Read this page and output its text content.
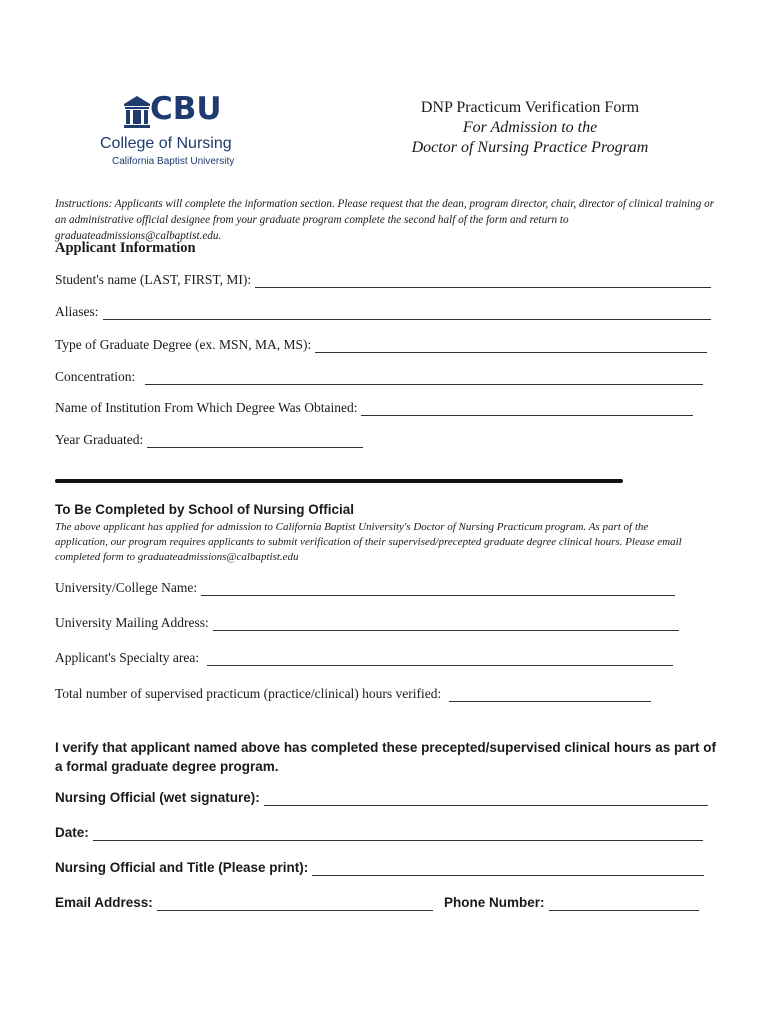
CBU
College of Nursing
California Baptist University
DNP Practicum Verification Form
For Admission to the
Doctor of Nursing Practice Program
Instructions: Applicants will complete the information section. Please request that the dean, program director, chair, director of clinical training or an administrative official designee from your graduate program complete the second half of the form and return to graduateadmissions@calbaptist.edu.
Applicant Information
Student's name (LAST, FIRST, MI):
Aliases:
Type of Graduate Degree (ex. MSN, MA, MS):
Concentration:
Name of Institution From Which Degree Was Obtained:
Year Graduated:
To Be Completed by School of Nursing Official
The above applicant has applied for admission to California Baptist University's Doctor of Nursing Practicum program. As part of the application, our program requires applicants to submit verification of their supervised/precepted graduate degree clinical hours. Please email completed form to graduateadmissions@calbaptist.edu
University/College Name:
University Mailing Address:
Applicant's Specialty area:
Total number of supervised practicum (practice/clinical) hours verified:
I verify that applicant named above has completed these precepted/supervised clinical hours as part of a formal graduate degree program.
Nursing Official (wet signature):
Date:
Nursing Official and Title (Please print):
Email Address:	Phone Number:
